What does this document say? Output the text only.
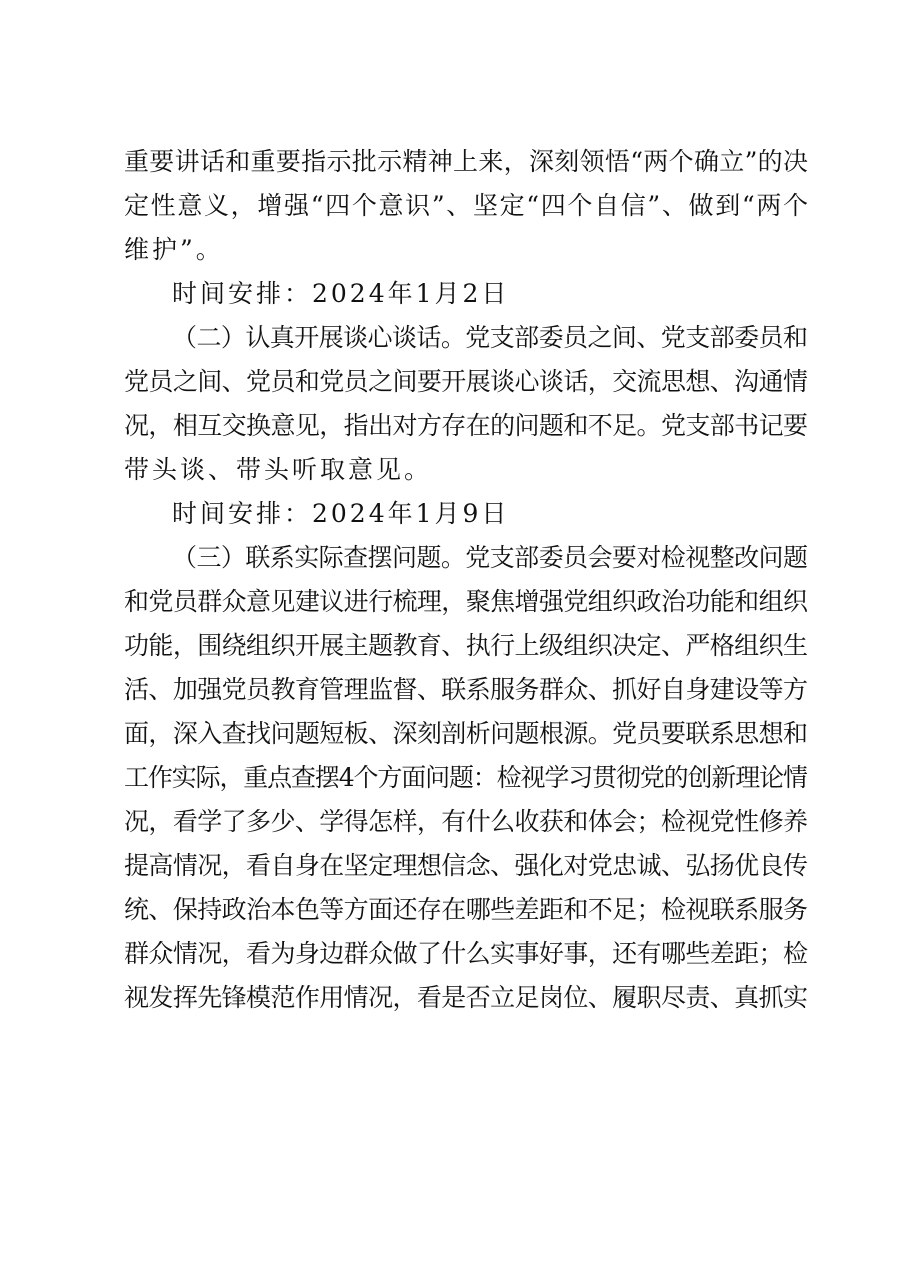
重要讲话和重要指示批示精神上来，深刻领悟“两个确立”的决
定性意义，增强“四个意识”、坚定“四个自信”、做到“两个
维护”。
时间安排：2024年1月2日
（二）认真开展谈心谈话。党支部委员之间、党支部委员和
党员之间、党员和党员之间要开展谈心谈话，交流思想、沟通情
况，相互交换意见，指出对方存在的问题和不足。党支部书记要
带头谈、带头听取意见。
时间安排：2024年1月9日
（三）联系实际查摆问题。党支部委员会要对检视整改问题
和党员群众意见建议进行梳理，聚焦增强党组织政治功能和组织
功能，围绕组织开展主题教育、执行上级组织决定、严格组织生
活、加强党员教育管理监督、联系服务群众、抓好自身建设等方
面，深入查找问题短板、深刻剖析问题根源。党员要联系思想和
工作实际，重点查摆4个方面问题：检视学习贯彻党的创新理论情
况，看学了多少、学得怎样，有什么收获和体会；检视党性修养
提高情况，看自身在坚定理想信念、强化对党忠诚、弘扬优良传
统、保持政治本色等方面还存在哪些差距和不足；检视联系服务
群众情况，看为身边群众做了什么实事好事，还有哪些差距；检
视发挥先锋模范作用情况，看是否立足岗位、履职尽责、真抓实
